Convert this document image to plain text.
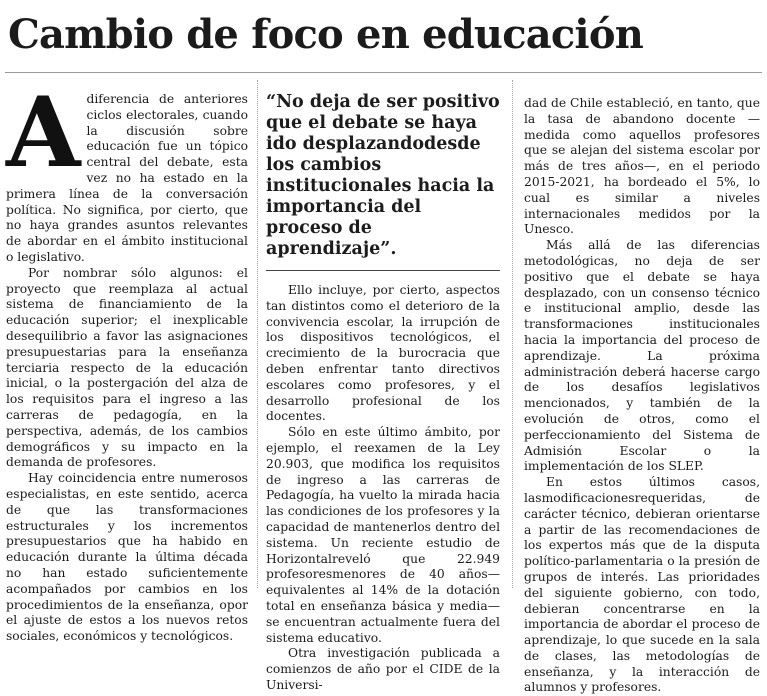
Cambio de foco en educación
A diferencia de anteriores ciclos electorales, cuando la discusión sobre educación fue un tópico central del debate, esta vez no ha estado en la primera línea de la conversación política. No significa, por cierto, que no haya grandes asuntos relevantes de abordar en el ámbito institucional o legislativo.

Por nombrar sólo algunos: el proyecto que reemplaza al actual sistema de financiamiento de la educación superior; el inexplicable desequilibrio a favor las asignaciones presupuestarias para la enseñanza terciaria respecto de la educación inicial, o la postergación del alza de los requisitos para el ingreso a las carreras de pedagogía, en la perspectiva, además, de los cambios demográficos y su impacto en la demanda de profesores.

Hay coincidencia entre numerosos especialistas, en este sentido, acerca de que las transformaciones estructurales y los incrementos presupuestarios que ha habido en educación durante la última década no han estado suficientemente acompañados por cambios en los procedimientos de la enseñanza, opor el ajuste de estos a los nuevos retos sociales, económicos y tecnológicos.

“No deja de ser positivo que el debate se haya ido desplazandodesde los cambios institucionales hacia la importancia del proceso de aprendizaje”.

Ello incluye, por cierto, aspectos tan distintos como el deterioro de la convivencia escolar, la irrupción de los dispositivos tecnológicos, el crecimiento de la burocracia que deben enfrentar tanto directivos escolares como profesores, y el desarrollo profesional de los docentes.

Sólo en este último ámbito, por ejemplo, el reexamen de la Ley 20.903, que modifica los requisitos de ingreso a las carreras de Pedagogía, ha vuelto la mirada hacia las condiciones de los profesores y la capacidad de mantenerlos dentro del sistema. Un reciente estudio de Horizontalreveló que 22.949 profesoresmenores de 40 años—equivalentes al 14% de la dotación total en enseñanza básica y media— se encuentran actualmente fuera del sistema educativo.

Otra investigación publicada a comienzos de año por el CIDE de la Universi-

dad de Chile estableció, en tanto, que la tasa de abandono docente —medida como aquellos profesores que se alejan del sistema escolar por más de tres años—, en el periodo 2015-2021, ha bordeado el 5%, lo cual es similar a niveles internacionales medidos por la Unesco.

Más allá de las diferencias metodológicas, no deja de ser positivo que el debate se haya desplazado, con un consenso técnico e institucional amplio, desde las transformaciones institucionales hacia la importancia del proceso de aprendizaje. La próxima administración deberá hacerse cargo de los desafíos legislativos mencionados, y también de la evolución de otros, como el perfeccionamiento del Sistema de Admisión Escolar o la implementación de los SLEP.

En estos últimos casos, lasmodificacionesrequeridas, de carácter técnico, debieran orientarse a partir de las recomendaciones de los expertos más que de la disputa político-parlamentaria o la presión de grupos de interés. Las prioridades del siguiente gobierno, con todo, debieran concentrarse en la importancia de abordar el proceso de aprendizaje, lo que sucede en la sala de clases, las metodologías de enseñanza, y la interacción de alumnos y profesores.
